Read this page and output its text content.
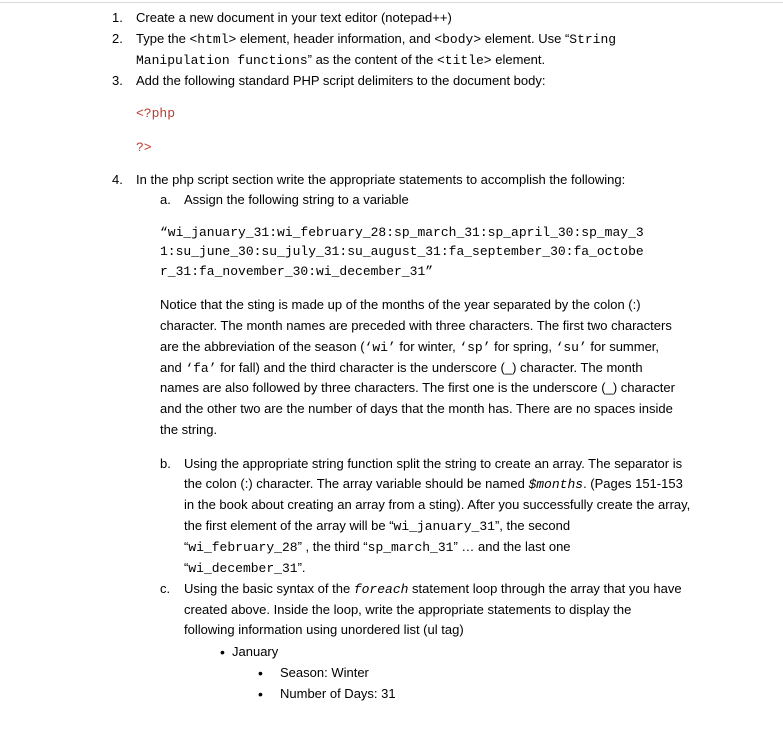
1.	Create a new document in your text editor (notepad++)
2.	Type the <html> element, header information, and <body> element. Use “String
Manipulation functions” as the content of the <title> element.
3.	Add the following standard PHP script delimiters to the document body:
<?php
?>
4.	In the php script section write the appropriate statements to accomplish the following:
a. Assign the following string to a variable
“wi_january_31:wi_february_28:sp_march_31:sp_april_30:sp_may_3
1:su_june_30:su_july_31:su_august_31:fa_september_30:fa_octobe
r_31:fa_november_30:wi_december_31”
Notice that the sting is made up of the months of the year separated by the colon (:)
character. The month names are preceded with three characters. The first two characters
are the abbreviation of the season (‘wi’ for winter, ‘sp’ for spring, ‘su’ for summer,
and ‘fa’ for fall) and the third character is the underscore (_) character. The month
names are also followed by three characters. The first one is the underscore (_) character
and the other two are the number of days that the month has. There are no spaces inside
the string.
b. Using the appropriate string function split the string to create an array. The separator is
the colon (:) character. The array variable should be named $months. (Pages 151-153
in the book about creating an array from a sting). After you successfully create the array,
the first element of the array will be “wi_january_31”, the second
“wi_february_28” , the third “sp_march_31” … and the last one
“wi_december_31”.
c. Using the basic syntax of the foreach statement loop through the array that you have
created above. Inside the loop, write the appropriate statements to display the
following information using unordered list (ul tag)
• January
• Season: Winter
• Number of Days: 31
